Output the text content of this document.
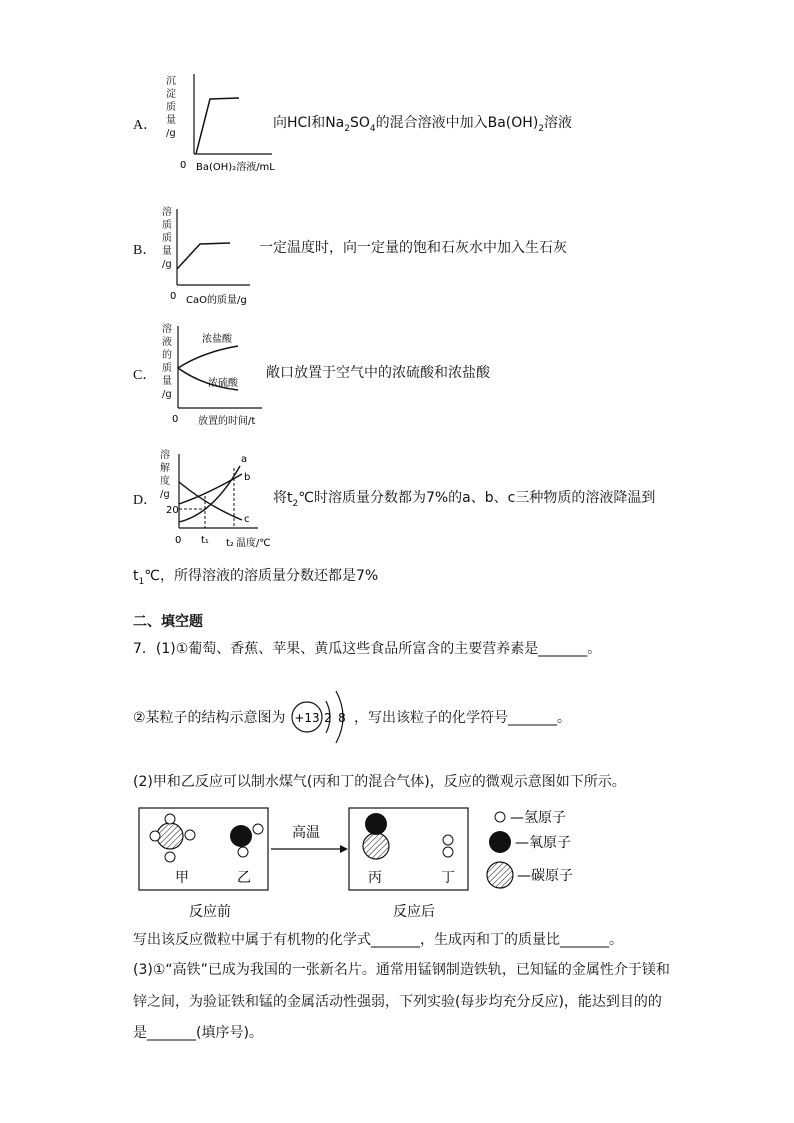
A．
沉
淀
质
量
/g
0 Ba(OH)₂溶液/mL
向HCl和$Na_2SO_4$的混合溶液中加入$Ba(OH)_2$溶液
B．
溶
质
质
量
/g
0 CaO的质量/g
一定温度时，向一定量的饱和石灰水中加入生石灰
C．
溶
液
的
质
量
/g
浓盐酸
浓硫酸
0 放置的时间/t
敞口放置于空气中的浓硫酸和浓盐酸
D．
溶
解
度
/g
a
b
c
20
0 t₁ t₂ 温度/℃
将$t_2℃$时溶质量分数都为7%的a、b、c三种物质的溶液降温到
$t_1℃$，所得溶液的溶质量分数还都是7%
二、填空题
7．(1)①葡萄、香蕉、苹果、黄瓜这些食品所富含的主要营养素是_______。
②某粒子的结构示意图为 +13 2 8 ，写出该粒子的化学符号_______。
(2)甲和乙反应可以制水煤气(丙和丁的混合气体)，反应的微观示意图如下所示。
甲	乙
高温
丙	丁
—氢原子
—氧原子
—碳原子
反应前	反应后
写出该反应微粒中属于有机物的化学式_______，生成丙和丁的质量比_______。
(3)①“高铁”已成为我国的一张新名片。通常用锰钢制造铁轨，已知锰的金属性介于镁和
锌之间，为验证铁和锰的金属活动性强弱，下列实验(每步均充分反应)，能达到目的的
是_______(填序号)。
